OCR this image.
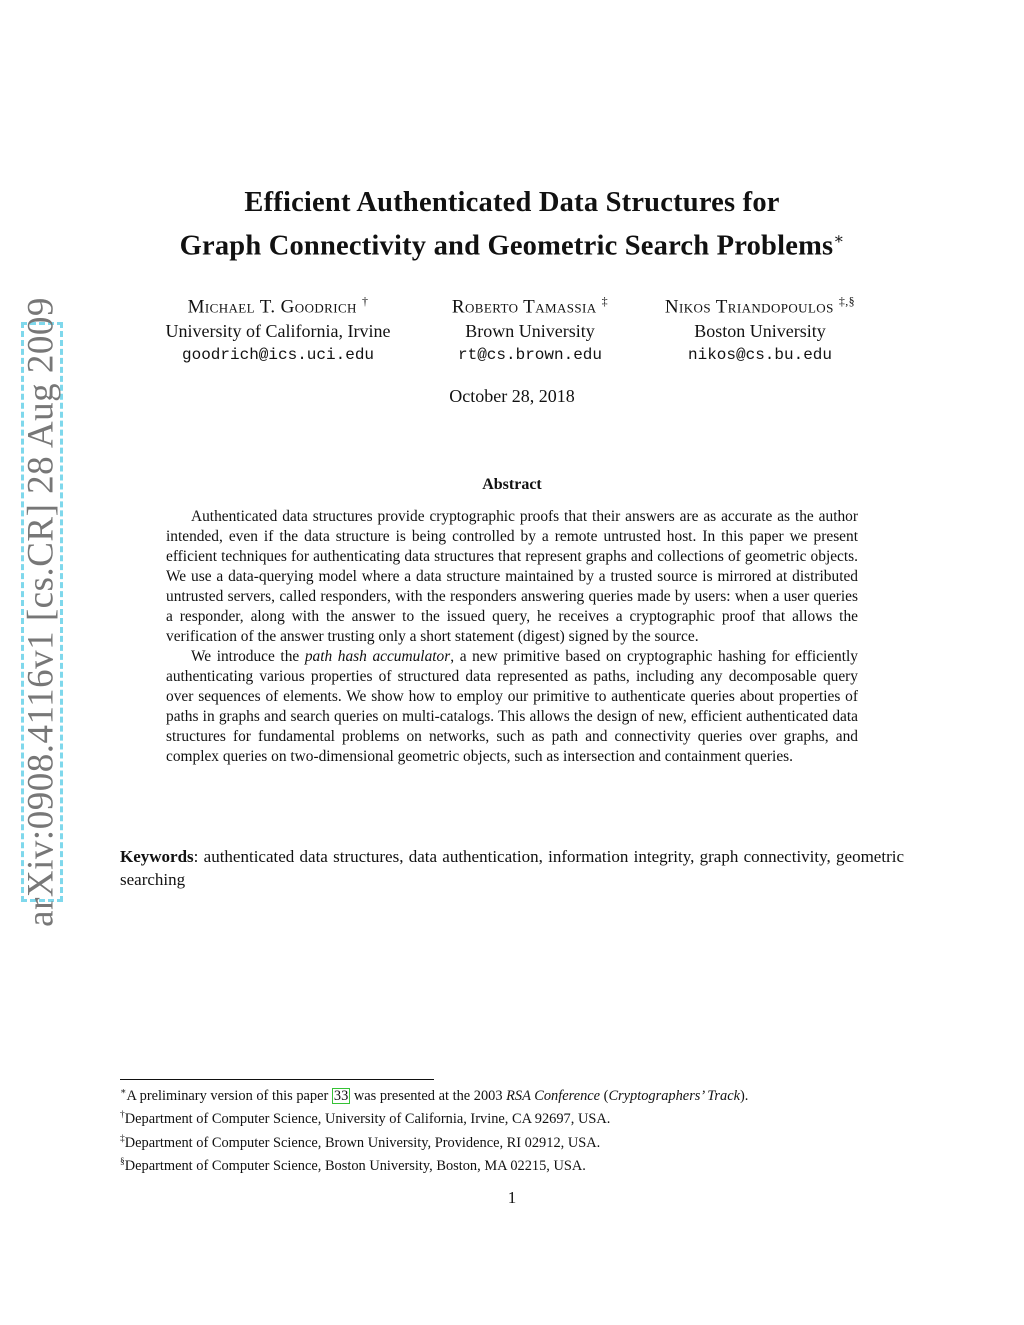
arXiv:0908.4116v1 [cs.CR] 28 Aug 2009
Efficient Authenticated Data Structures for
Graph Connectivity and Geometric Search Problems∗
Michael T. Goodrich †
University of California, Irvine
goodrich@ics.uci.edu
Roberto Tamassia ‡
Brown University
rt@cs.brown.edu
Nikos Triandopoulos ‡,§
Boston University
nikos@cs.bu.edu
October 28, 2018
Abstract

Authenticated data structures provide cryptographic proofs that their answers are as accurate as the author intended, even if the data structure is being controlled by a remote untrusted host. In this paper we present efficient techniques for authenticating data structures that represent graphs and collections of geometric objects. We use a data-querying model where a data structure maintained by a trusted source is mirrored at distributed untrusted servers, called responders, with the responders answering queries made by users: when a user queries a responder, along with the answer to the issued query, he receives a cryptographic proof that allows the verification of the answer trusting only a short statement (digest) signed by the source.

We introduce the path hash accumulator, a new primitive based on cryptographic hashing for efficiently authenticating various properties of structured data represented as paths, including any decomposable query over sequences of elements. We show how to employ our primitive to authenticate queries about properties of paths in graphs and search queries on multi-catalogs. This allows the design of new, efficient authenticated data structures for fundamental problems on networks, such as path and connectivity queries over graphs, and complex queries on two-dimensional geometric objects, such as intersection and containment queries.

Keywords: authenticated data structures, data authentication, information integrity, graph connectivity, geometric searching
∗A preliminary version of this paper 33 was presented at the 2003 RSA Conference (Cryptographers’ Track).
†Department of Computer Science, University of California, Irvine, CA 92697, USA.
‡Department of Computer Science, Brown University, Providence, RI 02912, USA.
§Department of Computer Science, Boston University, Boston, MA 02215, USA.
1
